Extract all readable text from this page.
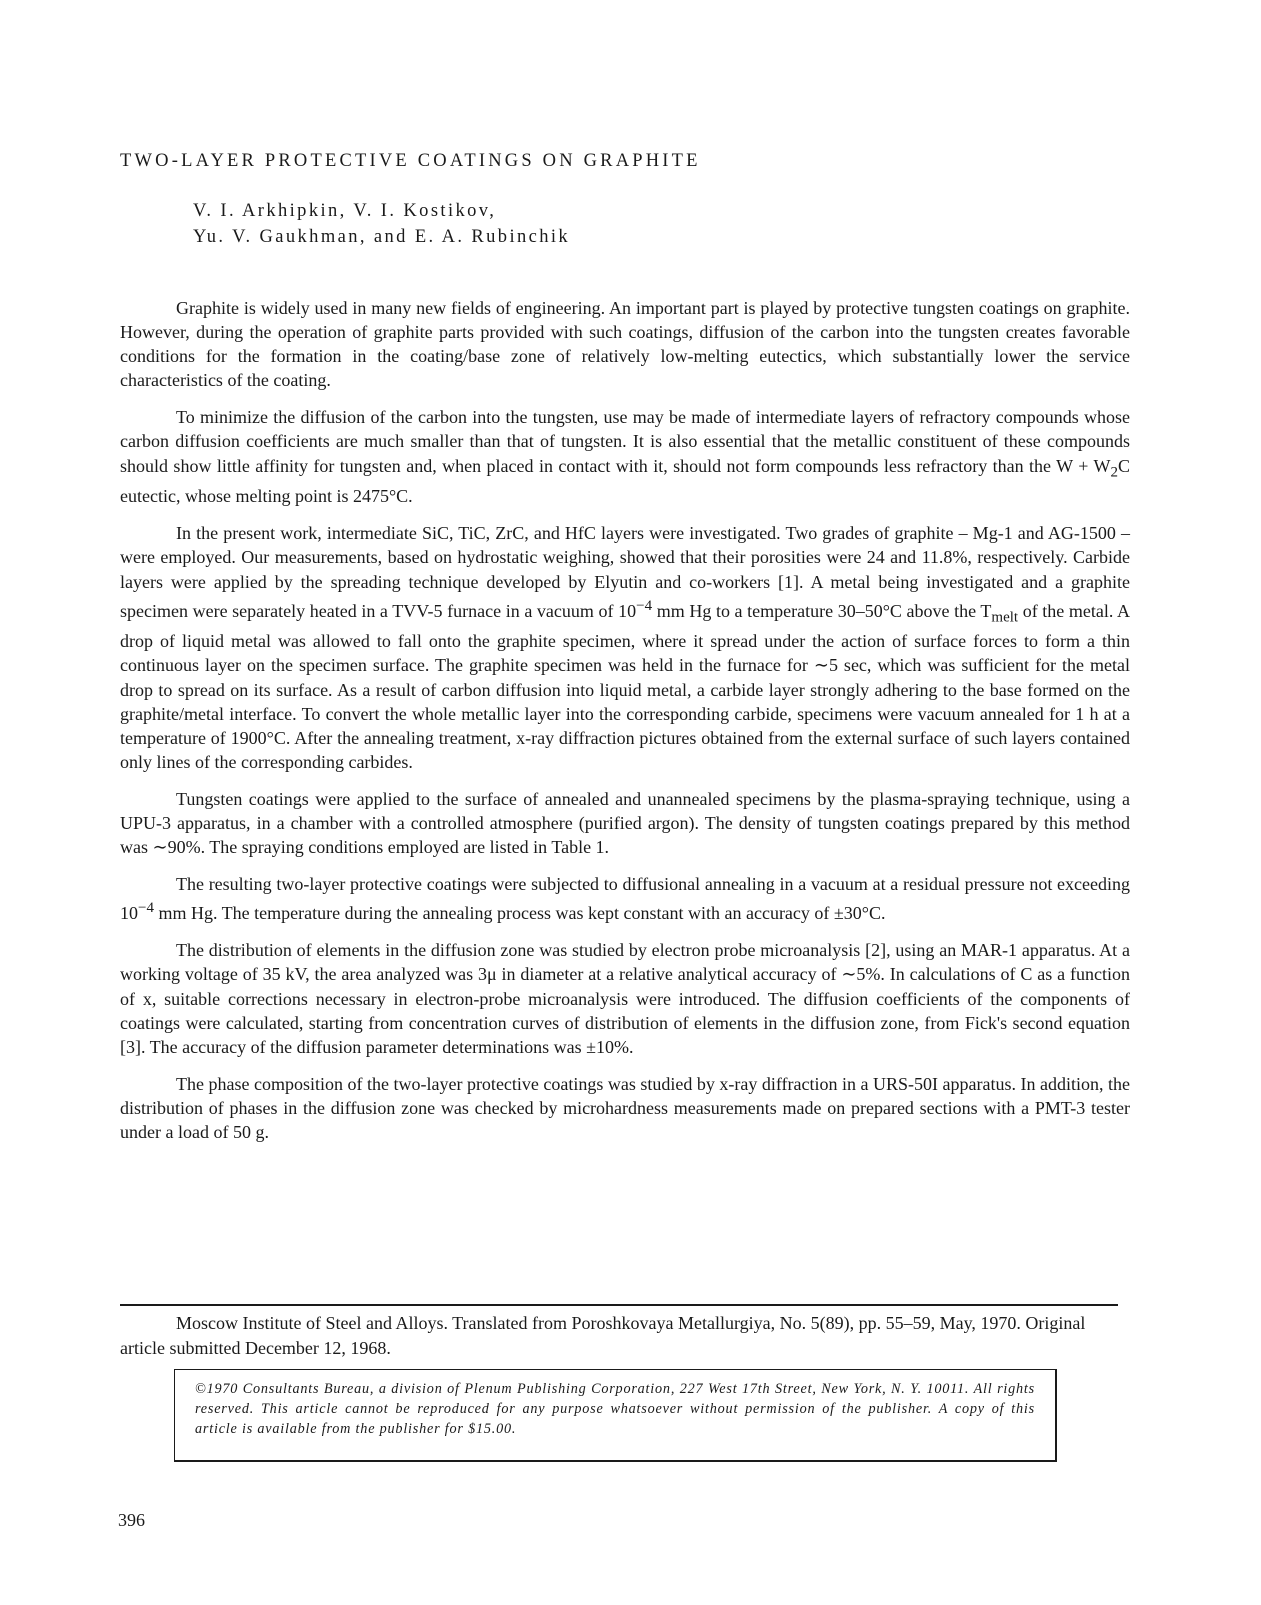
TWO-LAYER PROTECTIVE COATINGS ON GRAPHITE
V. I. Arkhipkin, V. I. Kostikov,
Yu. V. Gaukhman, and E. A. Rubinchik

Graphite is widely used in many new fields of engineering. An important part is played by protective tungsten coatings on graphite. However, during the operation of graphite parts provided with such coatings, diffusion of the carbon into the tungsten creates favorable conditions for the formation in the coating/base zone of relatively low-melting eutectics, which substantially lower the service characteristics of the coating.

To minimize the diffusion of the carbon into the tungsten, use may be made of intermediate layers of refractory compounds whose carbon diffusion coefficients are much smaller than that of tungsten. It is also essential that the metallic constituent of these compounds should show little affinity for tungsten and, when placed in contact with it, should not form compounds less refractory than the $W + W_2C$ eutectic, whose melting point is 2475°C.

In the present work, intermediate SiC, TiC, ZrC, and HfC layers were investigated. Two grades of graphite – Mg-1 and AG-1500 – were employed. Our measurements, based on hydrostatic weighing, showed that their porosities were 24 and 11.8%, respectively. Carbide layers were applied by the spreading technique developed by Elyutin and co-workers [1]. A metal being investigated and a graphite specimen were separately heated in a TVV-5 furnace in a vacuum of $10^{-4}$ mm Hg to a temperature 30–50°C above the $T_{melt}$ of the metal. A drop of liquid metal was allowed to fall onto the graphite specimen, where it spread under the action of surface forces to form a thin continuous layer on the specimen surface. The graphite specimen was held in the furnace for ∼5 sec, which was sufficient for the metal drop to spread on its surface. As a result of carbon diffusion into liquid metal, a carbide layer strongly adhering to the base formed on the graphite/metal interface. To convert the whole metallic layer into the corresponding carbide, specimens were vacuum annealed for 1 h at a temperature of 1900°C. After the annealing treatment, x-ray diffraction pictures obtained from the external surface of such layers contained only lines of the corresponding carbides.

Tungsten coatings were applied to the surface of annealed and unannealed specimens by the plasma-spraying technique, using a UPU-3 apparatus, in a chamber with a controlled atmosphere (purified argon). The density of tungsten coatings prepared by this method was ∼90%. The spraying conditions employed are listed in Table 1.

The resulting two-layer protective coatings were subjected to diffusional annealing in a vacuum at a residual pressure not exceeding $10^{-4}$ mm Hg. The temperature during the annealing process was kept constant with an accuracy of ±30°C.

The distribution of elements in the diffusion zone was studied by electron probe microanalysis [2], using an MAR-1 apparatus. At a working voltage of 35 kV, the area analyzed was 3μ in diameter at a relative analytical accuracy of ∼5%. In calculations of C as a function of x, suitable corrections necessary in electron-probe microanalysis were introduced. The diffusion coefficients of the components of coatings were calculated, starting from concentration curves of distribution of elements in the diffusion zone, from Fick's second equation [3]. The accuracy of the diffusion parameter determinations was ±10%.

The phase composition of the two-layer protective coatings was studied by x-ray diffraction in a URS-50I apparatus. In addition, the distribution of phases in the diffusion zone was checked by microhardness measurements made on prepared sections with a PMT-3 tester under a load of 50 g.

Moscow Institute of Steel and Alloys. Translated from Poroshkovaya Metallurgiya, No. 5(89), pp. 55–59, May, 1970. Original article submitted December 12, 1968.
©1970 Consultants Bureau, a division of Plenum Publishing Corporation, 227 West 17th Street, New York, N. Y. 10011. All rights reserved. This article cannot be reproduced for any purpose whatsoever without permission of the publisher. A copy of this article is available from the publisher for $15.00.
396
